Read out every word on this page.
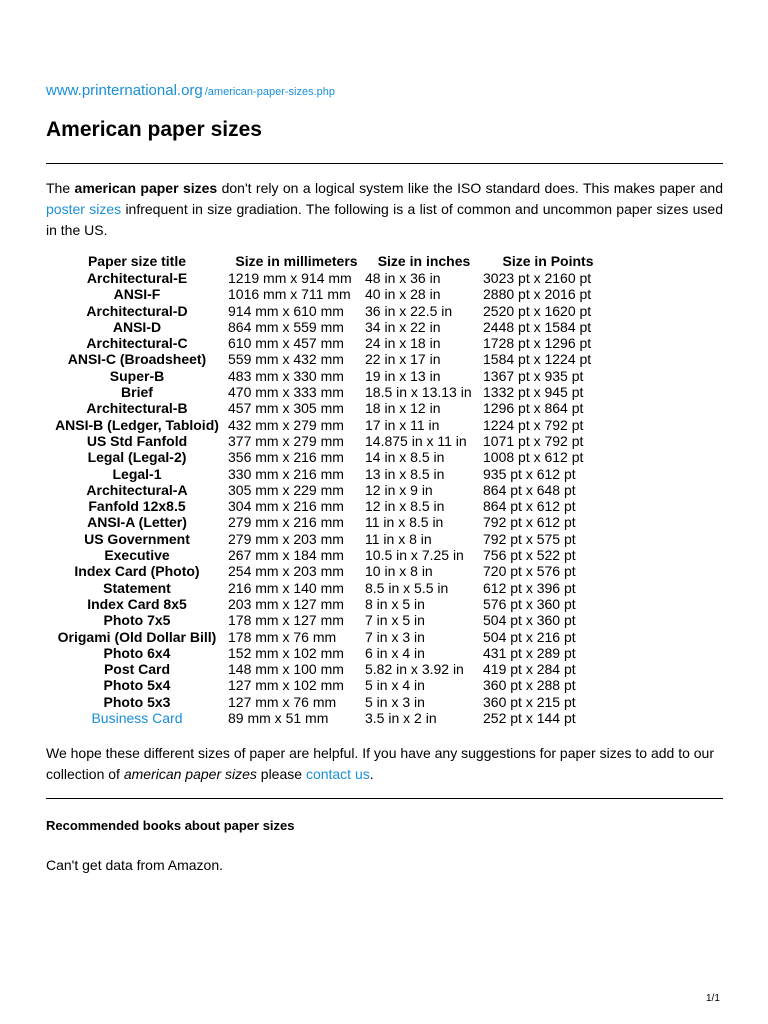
www.printernational.org /american-paper-sizes.php
American paper sizes

The american paper sizes don't rely on a logical system like the ISO standard does. This makes paper and poster sizes infrequent in size gradiation. The following is a list of common and uncommon paper sizes used in the US.

Paper size title	Size in millimeters	Size in inches	Size in Points
Architectural-E	1219 mm x 914 mm	48 in x 36 in	3023 pt x 2160 pt
ANSI-F	1016 mm x 711 mm	40 in x 28 in	2880 pt x 2016 pt
Architectural-D	914 mm x 610 mm	36 in x 22.5 in	2520 pt x 1620 pt
ANSI-D	864 mm x 559 mm	34 in x 22 in	2448 pt x 1584 pt
Architectural-C	610 mm x 457 mm	24 in x 18 in	1728 pt x 1296 pt
ANSI-C (Broadsheet)	559 mm x 432 mm	22 in x 17 in	1584 pt x 1224 pt
Super-B	483 mm x 330 mm	19 in x 13 in	1367 pt x 935 pt
Brief	470 mm x 333 mm	18.5 in x 13.13 in	1332 pt x 945 pt
Architectural-B	457 mm x 305 mm	18 in x 12 in	1296 pt x 864 pt
ANSI-B (Ledger, Tabloid)	432 mm x 279 mm	17 in x 11 in	1224 pt x 792 pt
US Std Fanfold	377 mm x 279 mm	14.875 in x 11 in	1071 pt x 792 pt
Legal (Legal-2)	356 mm x 216 mm	14 in x 8.5 in	1008 pt x 612 pt
Legal-1	330 mm x 216 mm	13 in x 8.5 in	935 pt x 612 pt
Architectural-A	305 mm x 229 mm	12 in x 9 in	864 pt x 648 pt
Fanfold 12x8.5	304 mm x 216 mm	12 in x 8.5 in	864 pt x 612 pt
ANSI-A (Letter)	279 mm x 216 mm	11 in x 8.5 in	792 pt x 612 pt
US Government	279 mm x 203 mm	11 in x 8 in	792 pt x 575 pt
Executive	267 mm x 184 mm	10.5 in x 7.25 in	756 pt x 522 pt
Index Card (Photo)	254 mm x 203 mm	10 in x 8 in	720 pt x 576 pt
Statement	216 mm x 140 mm	8.5 in x 5.5 in	612 pt x 396 pt
Index Card 8x5	203 mm x 127 mm	8 in x 5 in	576 pt x 360 pt
Photo 7x5	178 mm x 127 mm	7 in x 5 in	504 pt x 360 pt
Origami (Old Dollar Bill)	178 mm x 76 mm	7 in x 3 in	504 pt x 216 pt
Photo 6x4	152 mm x 102 mm	6 in x 4 in	431 pt x 289 pt
Post Card	148 mm x 100 mm	5.82 in x 3.92 in	419 pt x 284 pt
Photo 5x4	127 mm x 102 mm	5 in x 4 in	360 pt x 288 pt
Photo 5x3	127 mm x 76 mm	5 in x 3 in	360 pt x 215 pt
Business Card	89 mm x 51 mm	3.5 in x 2 in	252 pt x 144 pt

We hope these different sizes of paper are helpful. If you have any suggestions for paper sizes to add to our collection of american paper sizes please contact us.

Recommended books about paper sizes

Can't get data from Amazon.

1/1
